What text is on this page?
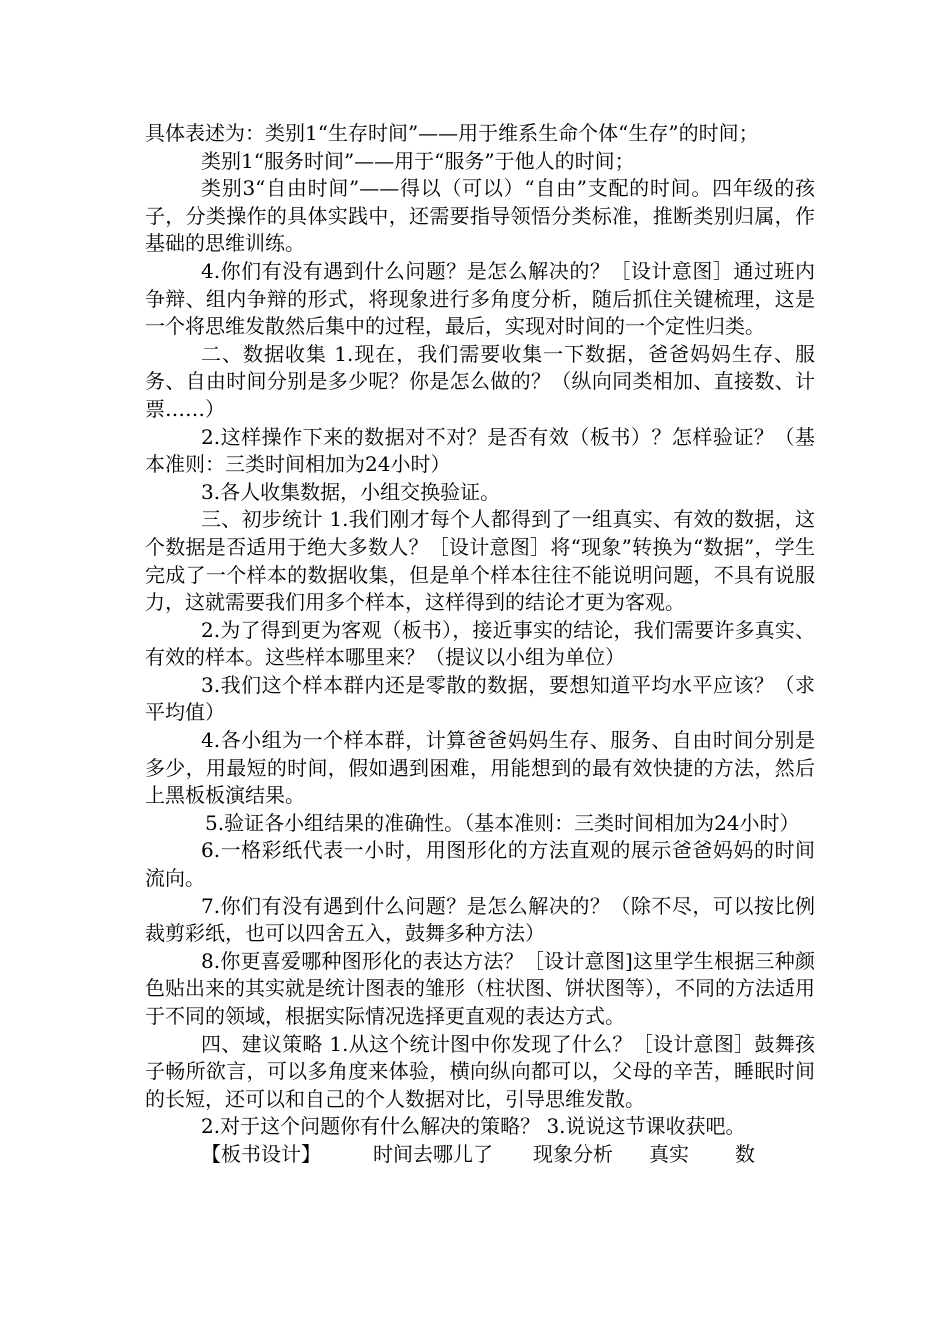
具体表述为：类别1“生存时间”——用于维系生命个体“生存”的时间；

类别1“服务时间”——用于“服务”于他人的时间；

类别3“自由时间”——得以（可以）“自由”支配的时间。四年级的孩子，分类操作的具体实践中，还需要指导领悟分类标准，推断类别归属，作基础的思维训练。

4.你们有没有遇到什么问题？是怎么解决的？［设计意图］通过班内争辩、组内争辩的形式，将现象进行多角度分析，随后抓住关键梳理，这是一个将思维发散然后集中的过程，最后，实现对时间的一个定性归类。

二、数据收集 1.现在，我们需要收集一下数据，爸爸妈妈生存、服务、自由时间分别是多少呢？你是怎么做的？（纵向同类相加、直接数、计票……）

2.这样操作下来的数据对不对？是否有效（板书）？怎样验证？（基本准则：三类时间相加为24小时）

3.各人收集数据，小组交换验证。

三、初步统计 1.我们刚才每个人都得到了一组真实、有效的数据，这个数据是否适用于绝大多数人？［设计意图］将“现象”转换为“数据”，学生完成了一个样本的数据收集，但是单个样本往往不能说明问题，不具有说服力，这就需要我们用多个样本，这样得到的结论才更为客观。

2.为了得到更为客观（板书），接近事实的结论，我们需要许多真实、有效的样本。这些样本哪里来？（提议以小组为单位）

3.我们这个样本群内还是零散的数据，要想知道平均水平应该？（求平均值）

4.各小组为一个样本群，计算爸爸妈妈生存、服务、自由时间分别是多少，用最短的时间，假如遇到困难，用能想到的最有效快捷的方法，然后上黑板板演结果。

5.验证各小组结果的准确性。（基本准则：三类时间相加为24小时）

6.一格彩纸代表一小时，用图形化的方法直观的展示爸爸妈妈的时间流向。

7.你们有没有遇到什么问题？是怎么解决的？（除不尽，可以按比例裁剪彩纸，也可以四舍五入，鼓舞多种方法）

8.你更喜爱哪种图形化的表达方法？［设计意图]这里学生根据三种颜色贴出来的其实就是统计图表的雏形（柱状图、饼状图等），不同的方法适用于不同的领域，根据实际情况选择更直观的表达方式。

四、建议策略 1.从这个统计图中你发现了什么？［设计意图］鼓舞孩子畅所欲言，可以多角度来体验，横向纵向都可以，父母的辛苦，睡眠时间的长短，还可以和自己的个人数据对比，引导思维发散。

2.对于这个问题你有什么解决的策略？ 3.说说这节课收获吧。

【板书设计】	时间去哪儿了 现象分析 真实 数
